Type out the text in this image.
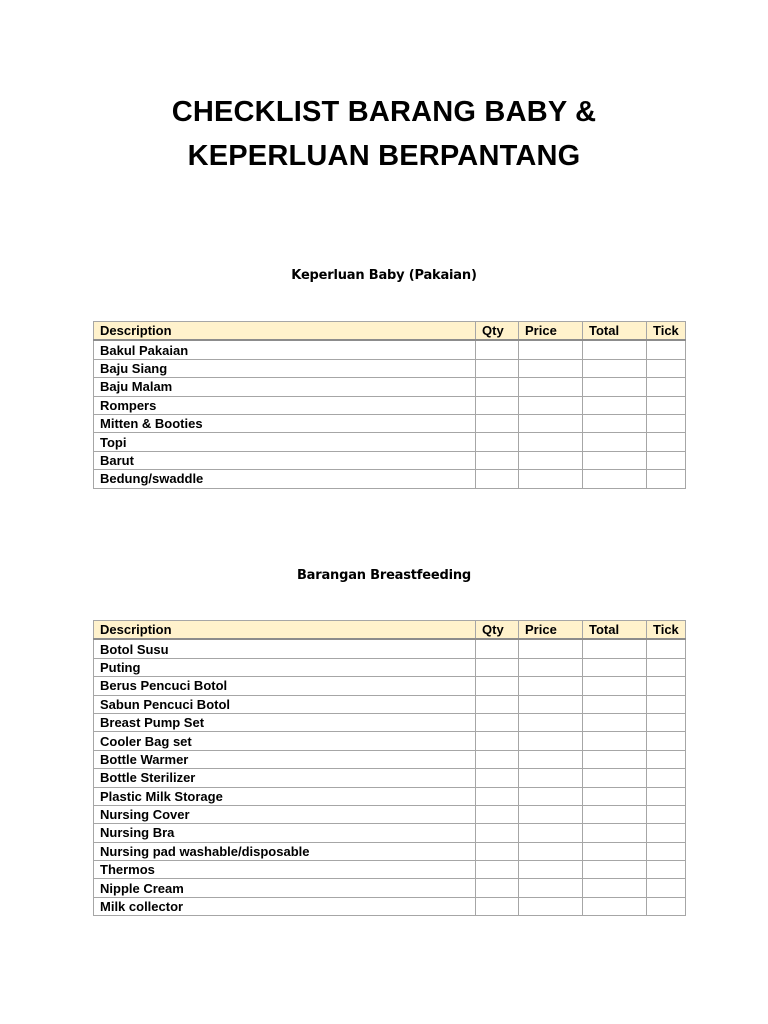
CHECKLIST BARANG BABY &
KEPERLUAN BERPANTANG
Keperluan Baby (Pakaian)
Description	Qty	Price	Total	Tick
Bakul Pakaian				
Baju Siang				
Baju Malam				
Rompers				
Mitten & Booties				
Topi				
Barut				
Bedung/swaddle				
Barangan Breastfeeding
Description	Qty	Price	Total	Tick
Botol Susu				
Puting				
Berus Pencuci Botol				
Sabun Pencuci Botol				
Breast Pump Set				
Cooler Bag set				
Bottle Warmer				
Bottle Sterilizer				
Plastic Milk Storage				
Nursing Cover				
Nursing Bra				
Nursing pad washable/disposable				
Thermos				
Nipple Cream				
Milk collector				
